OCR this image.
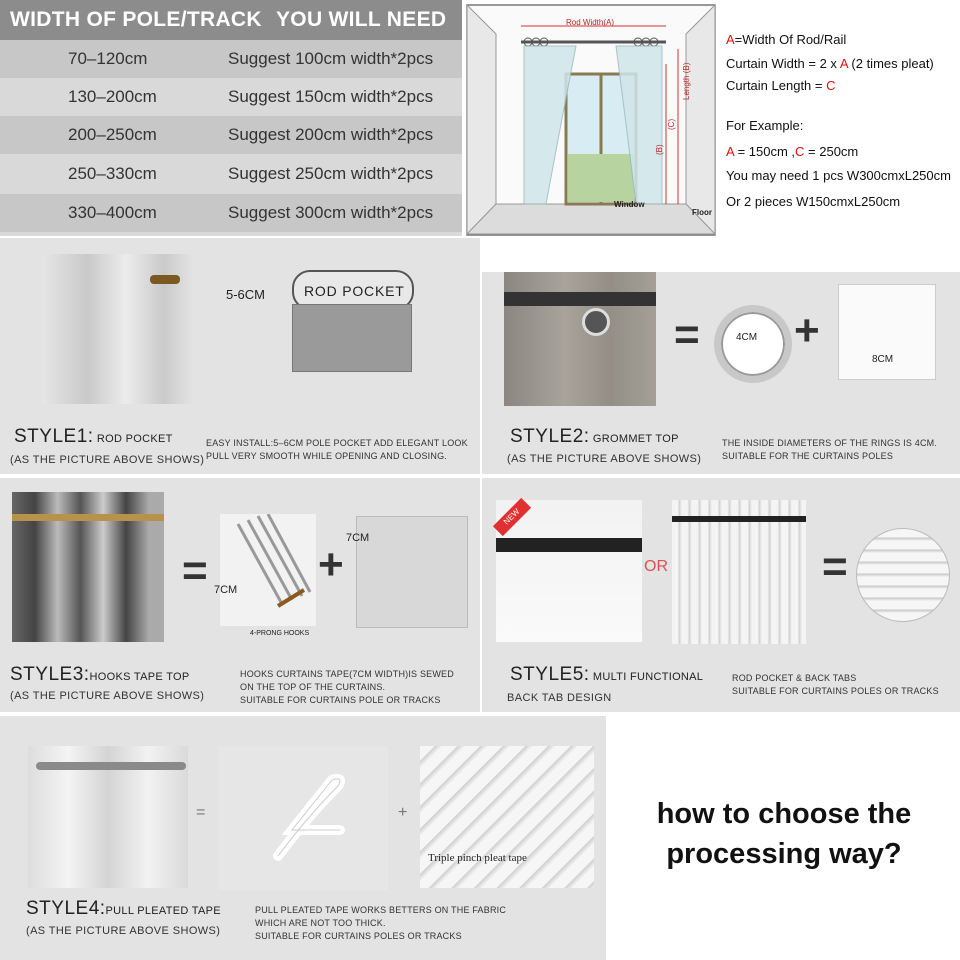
WIDTH OF POLE/TRACK YOU WILL NEED
70–120cm	Suggest 100cm width*2pcs
130–200cm	Suggest 150cm width*2pcs
200–250cm	Suggest 200cm width*2pcs
250–330cm	Suggest 250cm width*2pcs
330–400cm	Suggest 300cm width*2pcs
Rod Width(A)
Length (B)
(C)
(B)
Window
Floor
A=Width Of Rod/Rail
Curtain Width = 2 x A (2 times pleat)
Curtain Length = C
For Example:
A = 150cm ,C = 250cm
You may need 1 pcs W300cmxL250cm
Or 2 pieces W150cmxL250cm
5-6CM	ROD POCKET
STYLE1: ROD POCKET
(AS THE PICTURE ABOVE SHOWS)
EASY INSTALL:5–6CM POLE POCKET ADD ELEGANT LOOK
PULL VERY SMOOTH WHILE OPENING AND CLOSING.
=	4CM +
8CM
STYLE2: GROMMET TOP
(AS THE PICTURE ABOVE SHOWS)
THE INSIDE DIAMETERS OF THE RINGS IS 4CM.
SUITABLE FOR THE CURTAINS POLES
= 7CM
4-PRONG HOOKS
+
7CM
STYLE3:HOOKS TAPE TOP
(AS THE PICTURE ABOVE SHOWS)
HOOKS CURTAINS TAPE(7CM WIDTH)IS SEWED
ON THE TOP OF THE CURTAINS.
SUITABLE FOR CURTAINS POLE OR TRACKS
NEW
OR	=
STYLE5: MULTI FUNCTIONAL
BACK TAB DESIGN
ROD POCKET & BACK TABS
SUITABLE FOR CURTAINS POLES OR TRACKS
=	+
Triple pinch pleat tape
STYLE4:PULL PLEATED TAPE
(AS THE PICTURE ABOVE SHOWS)
PULL PLEATED TAPE WORKS BETTERS ON THE FABRIC
WHICH ARE NOT TOO THICK.
SUITABLE FOR CURTAINS POLES OR TRACKS
how to choose the
processing way?
